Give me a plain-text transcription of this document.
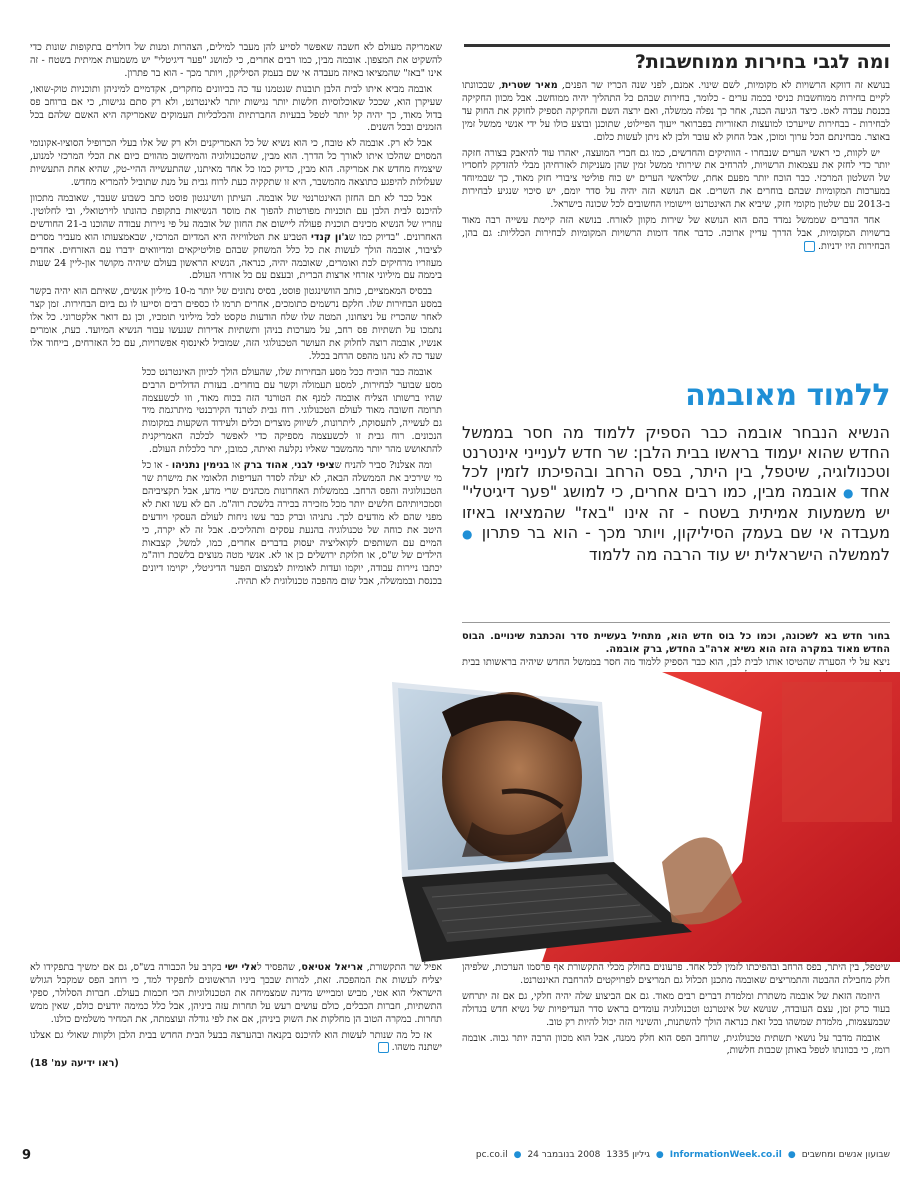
ומה לגבי בחירות ממוחשבות?

בנושא זה דווקא הרשויות לא מקומיות, לשם שינוי. אמנם, לפני שנה הכריז שר הפנים, מאיר שטרית, שבכוונתו לקיים בחירות ממוחשבות כניסי בכמה ערים - כלומר, בחירות שבהם כל התהליך יהיה ממוחשב. אבל מכוון החקיקה בכנסת עבדה לאט. כיצד הגיעה הכנה, אחר כך נפלה ממשלה, ואם ירצה השם והחקיקה תספיק לחוקק את החוק עד לבחירות - בבחירות שייערכו למועצות האזוריות בפברואר ייעוך הפיילוט, שתוכנן ובוצע כולו על ידי אנשי ממשל זמין באוצר. מבחינתם הכל ערוך ומוכן, אבל החוק לא עובר ולכן לא ניתן לעשות כלום.

יש לקוות, כי ראשי הערים שנבחרו - הוותיקים והחדשים, כמו גם חברי המועצה, יאהרו עוד להיאבק בצורה חזקה יותר כדי לחזק את עצמאות הרשויות, להרחיב את שירותי ממשל זמין שהן מעניקות לאזרחיהן מבלי להזדקק לחסדיו של השלטון המרכזי. כבר הוכח יותר מפעם אחת, שלראשי הערים יש כוח פוליטי ציבורי חזק מאוד, כך שבמיוחד במערכות המקומיות שבהם בוחרים את השרים. אם הנושא הזה יהיה על סדר יומם, יש סיכוי שנגיע לבחירות ב-2013 עם שלטון מקומי חזק, שיביא את האינטרנט ויישומיו החשובים לכל שכונה בישראל.

אחד הדברים שממשל נמדד בהם הוא הנושא של שירות מקוון לאזרח. בנושא הזה קיימת עשייה רבה מאוד ברשויות המקומיות, אבל הדרך עדיין ארוכה. כדבר אחד דומות הרשויות המקומיות לבחירות הכלליות: גם בהן, הבחירות היו ידניות.

ללמוד מאובמה
הנשיא הנבחר אובמה כבר הספיק ללמוד מה חסר בממשל החדש שהוא יעמוד בראשו בבית הלבן: שר חדש לענייני אינטרנט וטכנולוגיה, שיטפל, בין היתר, בפס הרחב ובהפיכתו לזמין לכל אחד ● אובמה מבין, כמו רבים אחרים, כי למושג "פער דיגיטלי" יש משמעות אמיתית בשטח - זה אינו "באז" שהמציאו באיזו מעבדה אי שם בעמק הסיליקון, ויותר מכך - הוא בר פתרון ● לממשלה הישראלית יש עוד הרבה מה ללמוד
בחור חדש בא לשכונה, וכמו כל בוס חדש הוא, מתחיל בעשיית סדר והכתבת שינויים. הבוס החדש מאוד במקרה הזה הוא נשיא ארה"ב החדש, ברק אובמה.
ניצא על לי הסערה שהטיסו אותו לבית לבן, הוא כבר הספיק ללמוד מה חסר בממשל החדש שיהיה בראשותו בבית

שאמריקה מעולם לא חשבה שאפשר לסייע להן מעבר למילים, הצהרות ומנות של דולרים בתקופות שונות כדי להשקיט את המצפון. אובמה מבין, כמו רבים אחרים, כי למושג "פער דיגיטלי" יש משמעות אמיתית בשטח - זה אינו "באז" שהמציאו באיזה מעבדה אי שם בעמק הסיליקון, ויותר מכך - הוא בר פתרון.

אובמה מביא איתו לבית הלבן תובנות שנטמנו עד כה בכיוונים מחקרים, אקדמיים למיניהן ותוכניות טוק-שואו, שעיקרן הוא, שככל שאוכלוסיות חלשות יותר נגישות יותר לאינטרנט, ולא רק סתם נגישות, כי אם ברוחב פס בדול מאוד, כך יהיה קל יותר לטפל בבעיות החברתיות והכלכליות העמוקים שאמריקה היא האשם שלהם בכל הזמנים ובכל השנים.

אבל לא רק. אובמה לא טובח, כי הוא נשיא של כל האמריקנים ולא רק של אלו בעלי הכרופיל הסוציו-אקונומי המסוים שהלכו איתו לאורך כל הדרך. הוא מבין, שהטכנולוגיה והמיחשוב מהווים כיום את הכלי המרכזי למנוע, שיצמיח מחדש את אמריקה. הוא מבין, כדיוק כמו כל אחד מאיתנו, שהתעשייה ההיי-טק, שהיא אחת התעשיות שעלולות להיפגע כתוצאה מהמשבר, היא זו שתקקיה כעת לרוח גבית על מנת שתוביל להמריא מחדש.

אבל ככר לא תם החזון האינטרנטי של אובמה. העיתון וושינגטון פוסט כתב כשבוע שעבר, שאובמה מתכוון להיכנס לבית הלבן עם תוכניות מפורטות להפוך את מוסד הנשיאות בתקופת כהונתו לוירטואלי, ובי לחלוטין. עוזריו של הנשיא מכינים תוכנית פעולה ליישום את החזון של אובמה על פי ניירות עבודה שהוכנו ב-21 החודשים האחרונים. "בדיוק כמו שג'ון קנדי הטביע את הטלוויזיה היא המדיום המרכזי, שבאמצעותו הוא מעביר מסרים לציבור, אובמה הולך לעשות את כל כלל המשחק שבהם פוליטיקאים ומדיוואים ידברו עם האזרחים. אחדים מעוזריו מרחיקים לכת ואומרים, שאובמה יהיה, כנראה, הנשיא הראשון בעולם שיהיה מקושר און-ליין 24 שעות ביממה עם מיליוני אזרחי ארצות הברית, ובעצם עם כל אזרחי העולם.

בבסיס המאמציים, כותב הוושינגטון פוסט, בסיס נתונים של יותר מ-10 מיליון אנשים, שאיתם הוא יהיה בקשר במסע הבחירות שלו. חלקם נרשמים כתומכים, אחרים תרמו לו כספים רבים וסייעו לו גם ביום הבחירות. זמן קצר לאחר שהכריז על ניצחונו, המטה שלו שלח הודעות טקסט לכל מיליוני תומכיו, וכן גם דואר אלקטרוני. כל אלו נתמכו על תשתיות פס רחב, על מערכות בניהן ותשתיות אדירות שנעשו עבור הנשיא המיועד. כעת, אומרים אנשיו, אובמה רוצה לחלוק את העושר הטכנולוגי הזה, שמוביל לאינסוף אפשרויות, עם כל האזרחים, בייחוד אלו שעד כה לא נהנו מהפס הרחב בכלל.

אובמה כבר הוכיח ככל מסע הבחירות שלו, שהעולם הולך לכיוון האינטרנט ככל מסע שבוער לבחירות, למסע תעמולה וקשר עם בוחרים. בעזרת הדולרים הרבים שהיו ברשותו הצליח אובמה למנף את הטורנד הזה בכוח מאוד, וזו לכשעצמה תרומה חשובה מאוד לעולם הטכנולוגי. רוח גבית לטרנד הקירבנטי מיתרגמת מיד גם לעשייה, לתעסוקת, ליתרונות, לשיווק מוצרים וכלים ולעידוד השקעות במקומות הנכונים. רוח גבית זו לכשעצמה מספיקה כדי לאפשר לכלכה האמריקנית להתאושש מהר יותר מהמשבר שאליו נקלעה ואיתה, כמובן, יתר כלכלות העולם.

ומה אצלנו? סביר להניח שציפי לבני, אהוד ברק או בנימין נתניהו - או כל מי שירכיב את הממשלה הבאה, לא יעלה לסדר העדיפות הלאומי את מישרת שר הטכנולוגיה והפס הרחב. בממשלות האחרונות מכהנים שרי מדע, אבל תקציביהם וסמכויותיהם חלשים יותר מכל מזכירה בכירה בלשכת רוה"מ. הם לא עשו זאת לא מפני שהם לא מודעים לכך. נתניהו וברק כבר עשו ניחות לעולם העסקי ויודעים היטב את כוחה של טכנולוגיה בהנעת עסקים ותהליכים. אבל זה לא יקרה, כי המיים עם השותפים לקואליציה יעסוק בדברים אחרים, כמו, למשל, קצבאות הילדים של ש"ס, או חלוקת ירושלים כן או לא. אנשי מטה מנוצים בלשכת רוה"מ יכתבו ניירות עבודה, יוקמו ועדות לאומיות לצמצום הפער הדיגיטלי, יקוימו דיונים בכנסת ובממשלה, אבל שום מהפכה טכנולוגית לא תהיה.

שיטפל, בין היתר, בפס הרחב ובהפיכתו לזמין לכל אחד. פרעונים בחולק מכלי התקשורת אף פרסמו הערכות, שלפיהן חלק מחבילת ההבטה והתמריצים שאובמה מתכנן תכלול גם תמריצים לפרויקטים להרחבת האינטרנט.

היוזמה הזאת של אובמה משתרת ומלמדת דברים רבים מאוד. גם אם הביצוע שלה יהיה חלקי, גם אם זה יתרחש בעוד כרק זמן, עצם העובדה, שנושא של אינטרנט וטכנולוגיה עומדים בראש סדר העדיפויות של נשיא חדש בגדולה שבמעצמות, מלמדת שמשהו בכל זאת כנראה הולך להשתנות, והשינוי הזה יכול להיות רק טוב.

אובמה מדבר על נושאי תשתית טכנולוגית, שרוחב הפס הוא חלק ממנה, אבל הוא מכוון הרבה יותר גבוה. אובמה רומז, כי בכוונתו לטפל באותן שכבות חלשות,

אפיל שר התקשורת, אריאל אטיאס, שהפסיד לאלי ישי בקרב על הכבורה בש"ס, גם אם ימשיך בתפקידו לא יצליח לעשות את המהפכה. זאת, למרות שבכך ביניו הראשונים לתפקיד למד, כי רוחב הפס שמקבל הגולש הישראלי הוא אטי, מביש ומביייש מדינה שמצמיחה את הטכנולוגיות הכי חכמות בעולם. חברות הסלולר, ספקי התשתיות, חברות הכבלים, כולם עושים רעש על תחרות עזה ביניהן, אבל כלל כמימה יודעים כולם, שאין ממש תחרות. במקרה הטוב הן מחלקות את השוק ביניהן, אם את לפי גודלה ועוצמתה, את המחיר משלמים כולנו.

אז כל מה שנותר לעשות הוא להיכנס בקנאה ובהערצה בבעל הבית החדש בבית הלבן ולקוות שאולי גם אצלנו ישתנה משהו.

(ראו ידיעה עמ' 18)

9	שבועון אנשים ומחשבים
●
InformationWeek.co.il
●
גיליון 1335
2008 בנובמבר 24
●
pc.co.il
